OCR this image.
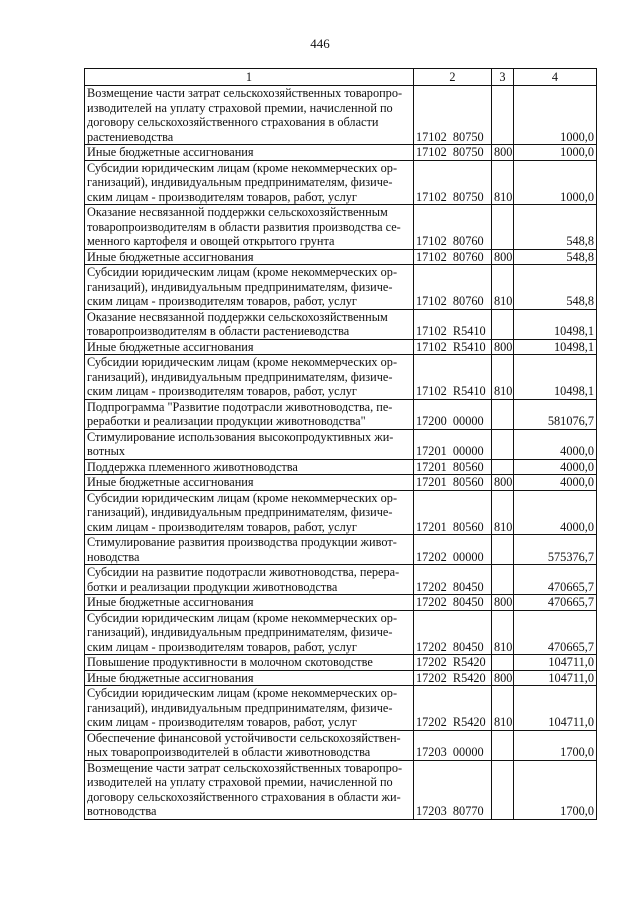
446
1	2	3	4
Возмещение части затрат сельскохозяйственных товаропро-изводителей на уплату страховой премии, начисленной по договору сельскохозяйственного страхования в области растениеводства	17102  80750		1000,0
Иные бюджетные ассигнования	17102  80750	800	1000,0
Субсидии юридическим лицам (кроме некоммерческих ор-ганизаций), индивидуальным предпринимателям, физиче-ским лицам - производителям товаров, работ, услуг	17102  80750	810	1000,0
Оказание несвязанной поддержки сельскохозяйственным товаропроизводителям в области развития производства се-менного картофеля и овощей открытого грунта	17102  80760		548,8
Иные бюджетные ассигнования	17102  80760	800	548,8
Субсидии юридическим лицам (кроме некоммерческих ор-ганизаций), индивидуальным предпринимателям, физиче-ским лицам - производителям товаров, работ, услуг	17102  80760	810	548,8
Оказание несвязанной поддержки сельскохозяйственным товаропроизводителям в области растениеводства	17102  R5410		10498,1
Иные бюджетные ассигнования	17102  R5410	800	10498,1
Субсидии юридическим лицам (кроме некоммерческих ор-ганизаций), индивидуальным предпринимателям, физиче-ским лицам - производителям товаров, работ, услуг	17102  R5410	810	10498,1
Подпрограмма "Развитие подотрасли животноводства, пе-реработки и реализации продукции животноводства"	17200  00000		581076,7
Стимулирование использования высокопродуктивных жи-вотных	17201  00000		4000,0
Поддержка племенного животноводства	17201  80560		4000,0
Иные бюджетные ассигнования	17201  80560	800	4000,0
Субсидии юридическим лицам (кроме некоммерческих ор-ганизаций), индивидуальным предпринимателям, физиче-ским лицам - производителям товаров, работ, услуг	17201  80560	810	4000,0
Стимулирование развития производства продукции живот-новодства	17202  00000		575376,7
Субсидии на развитие подотрасли животноводства, перера-ботки и реализации продукции животноводства	17202  80450		470665,7
Иные бюджетные ассигнования	17202  80450	800	470665,7
Субсидии юридическим лицам (кроме некоммерческих ор-ганизаций), индивидуальным предпринимателям, физиче-ским лицам - производителям товаров, работ, услуг	17202  80450	810	470665,7
Повышение продуктивности в молочном скотоводстве	17202  R5420		104711,0
Иные бюджетные ассигнования	17202  R5420	800	104711,0
Субсидии юридическим лицам (кроме некоммерческих ор-ганизаций), индивидуальным предпринимателям, физиче-ским лицам - производителям товаров, работ, услуг	17202  R5420	810	104711,0
Обеспечение финансовой устойчивости сельскохозяйствен-ных товаропроизводителей в области животноводства	17203  00000		1700,0
Возмещение части затрат сельскохозяйственных товаропро-изводителей на уплату страховой премии, начисленной по договору сельскохозяйственного страхования в области жи-вотноводства	17203  80770		1700,0
